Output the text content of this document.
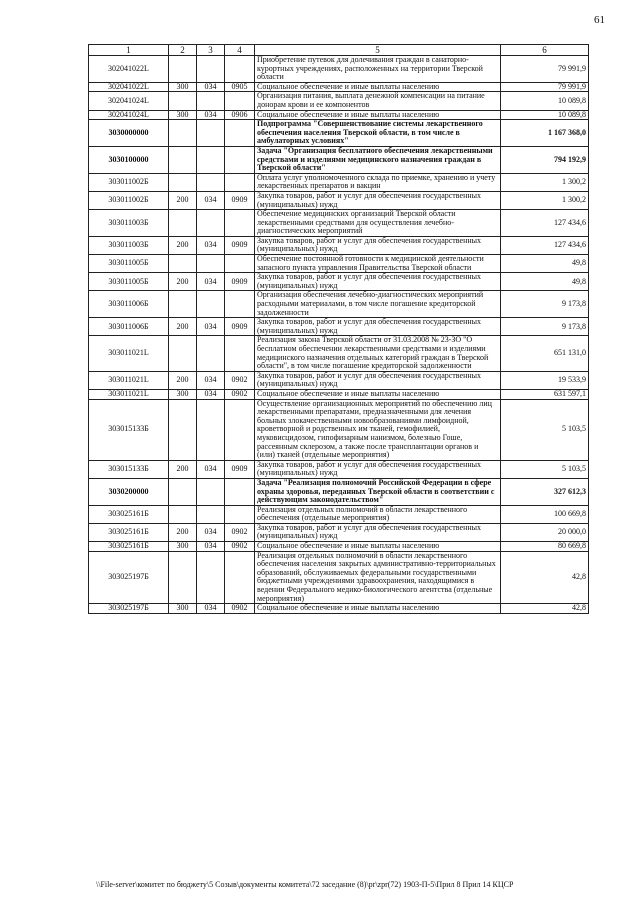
61
1	2	3	4	5	6
302041022L				Приобретение путевок для долечивания граждан в санаторно-курортных учреждениях, расположенных на территории Тверской области	79 991,9
302041022L	300	034	0905	Социальное обеспечение и иные выплаты населению	79 991,9
302041024L				Организация питания, выплата денежной компенсации на питание донорам крови и ее компонентов	10 089,8
302041024L	300	034	0906	Социальное обеспечение и иные выплаты населению	10 089,8
3030000000				Подпрограмма "Совершенствование системы лекарственного обеспечения населения Тверской области, в том числе в амбулаторных условиях"	1 167 368,0
3030100000				Задача "Организация бесплатного обеспечения лекарственными средствами и изделиями медицинского назначения граждан в Тверской области"	794 192,9
303011002Б				Оплата услуг уполномоченного склада по приемке, хранению и учету лекарственных препаратов и вакцин	1 300,2
303011002Б	200	034	0909	Закупка товаров, работ и услуг для обеспечения государственных (муниципальных) нужд	1 300,2
303011003Б				Обеспечение медицинских организаций Тверской области лекарственными средствами для осуществления лечебно-диагностических мероприятий	127 434,6
303011003Б	200	034	0909	Закупка товаров, работ и услуг для обеспечения государственных (муниципальных) нужд	127 434,6
303011005Б				Обеспечение постоянной готовности к медицинской деятельности запасного пункта управления Правительства Тверской области	49,8
303011005Б	200	034	0909	Закупка товаров, работ и услуг для обеспечения государственных (муниципальных) нужд	49,8
303011006Б				Организация обеспечения лечебно-диагностических мероприятий расходными материалами, в том числе погашение кредиторской задолженности	9 173,8
303011006Б	200	034	0909	Закупка товаров, работ и услуг для обеспечения государственных (муниципальных) нужд	9 173,8
303011021L				Реализация закона Тверской области от 31.03.2008 № 23-ЗО "О бесплатном обеспечении лекарственными средствами и изделиями медицинского назначения отдельных категорий граждан в Тверской области", в том числе погашение кредиторской задолженности	651 131,0
303011021L	200	034	0902	Закупка товаров, работ и услуг для обеспечения государственных (муниципальных) нужд	19 533,9
303011021L	300	034	0902	Социальное обеспечение и иные выплаты населению	631 597,1
303015133Б				Осуществление организационных мероприятий по обеспечению лиц лекарственными препаратами, предназначенными для лечения больных злокачественными новообразованиями лимфоидной, кроветворной и родственных им тканей, гемофилией, муковисцидозом, гипофизарным нанизмом, болезнью Гоше, рассеянным склерозом, а также после трансплантации органов и (или) тканей (отдельные мероприятия)	5 103,5
303015133Б	200	034	0909	Закупка товаров, работ и услуг для обеспечения государственных (муниципальных) нужд	5 103,5
3030200000				Задача "Реализация полномочий Российской Федерации в сфере охраны здоровья, переданных Тверской области в соответствии с действующим законодательством"	327 612,3
303025161Б				Реализация отдельных полномочий в области лекарственного обеспечения (отдельные мероприятия)	100 669,8
303025161Б	200	034	0902	Закупка товаров, работ и услуг для обеспечения государственных (муниципальных) нужд	20 000,0
303025161Б	300	034	0902	Социальное обеспечение и иные выплаты населению	80 669,8
303025197Б				Реализация отдельных полномочий в области лекарственного обеспечения населения закрытых административно-территориальных образований, обслуживаемых федеральными государственными бюджетными учреждениями здравоохранения, находящимися в ведении Федерального медико-биологического агентства (отдельные мероприятия)	42,8
303025197Б	300	034	0902	Социальное обеспечение и иные выплаты населению	42,8
\\File-server\комитет по бюджету\5 Созыв\документы комитета\72 заседание (8)\pr\zpr(72) 1903-П-5\Прил 8 Прил 14 КЦСР
